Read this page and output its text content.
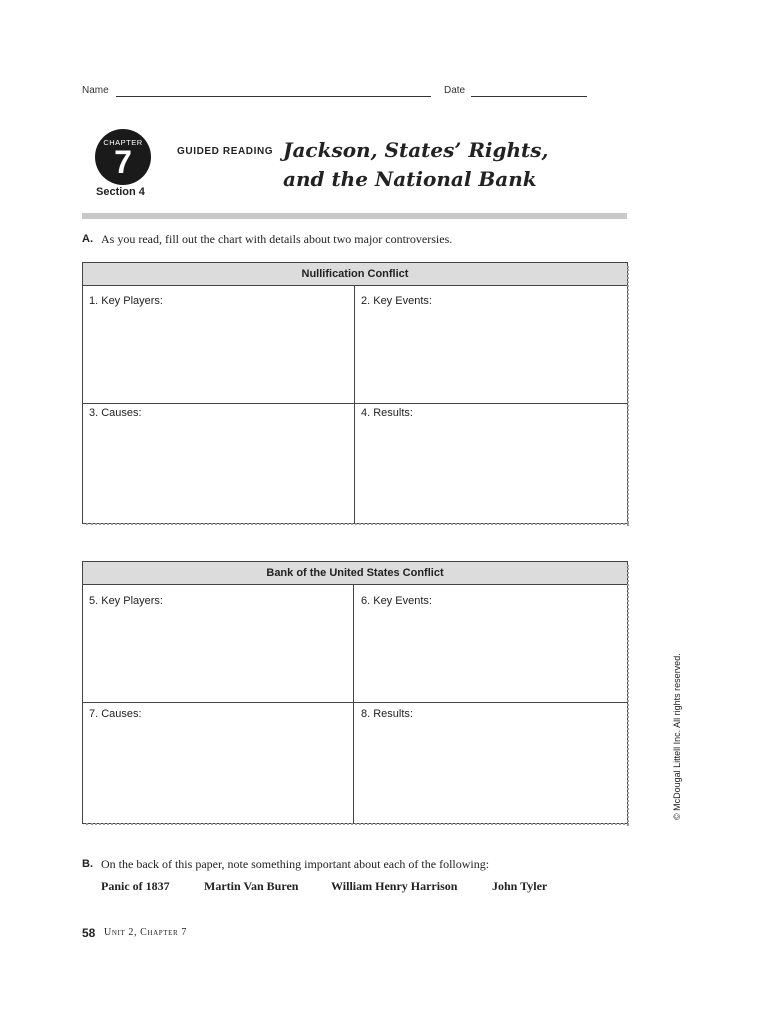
Name	Date
CHAPTER
7
Section 4
GUIDED READING Jackson, States’ Rights,
and the National Bank
A. As you read, fill out the chart with details about two major controversies.
Nullification Conflict
1. Key Players:	2. Key Events:
3. Causes:	4. Results:
Bank of the United States Conflict
5. Key Players:	6. Key Events:
7. Causes:	8. Results:	© McDougal Littell Inc. All rights reserved.
B. On the back of this paper, note something important about each of the following:
Panic of 1837	Martin Van Buren	William Henry Harrison	John Tyler
58 Unit 2, Chapter 7
